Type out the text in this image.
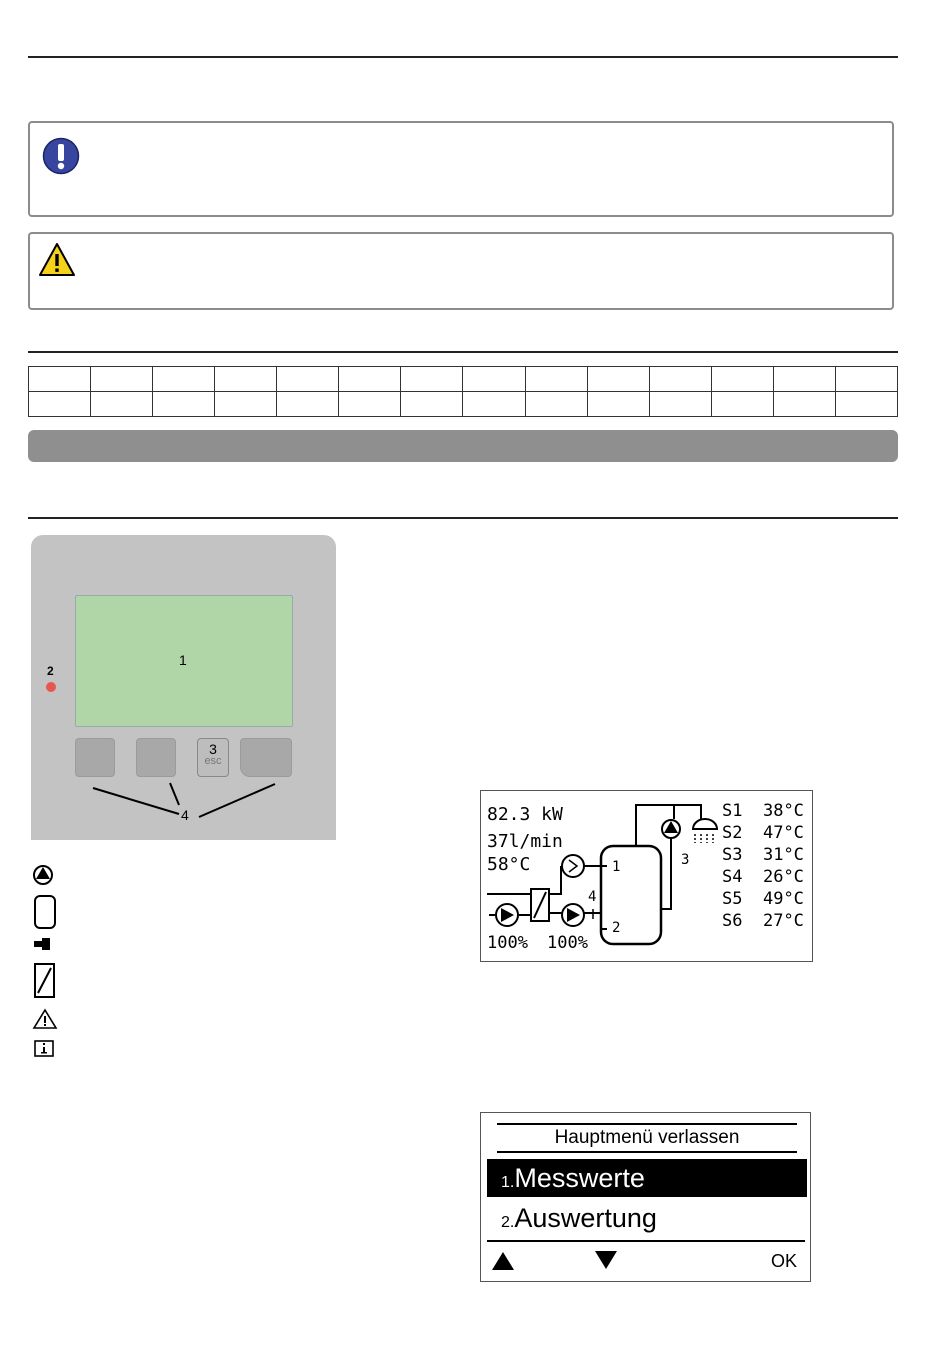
1
2
3
esc
4	82.3 kW
37l/min
58°C
100% 100%
1
2
3
4
S1 38°C
S2 47°C
S3 31°C
S4 26°C
S5 49°C
S6 27°C
Hauptmenü verlassen
1.Messwerte
2.Auswertung
OK
